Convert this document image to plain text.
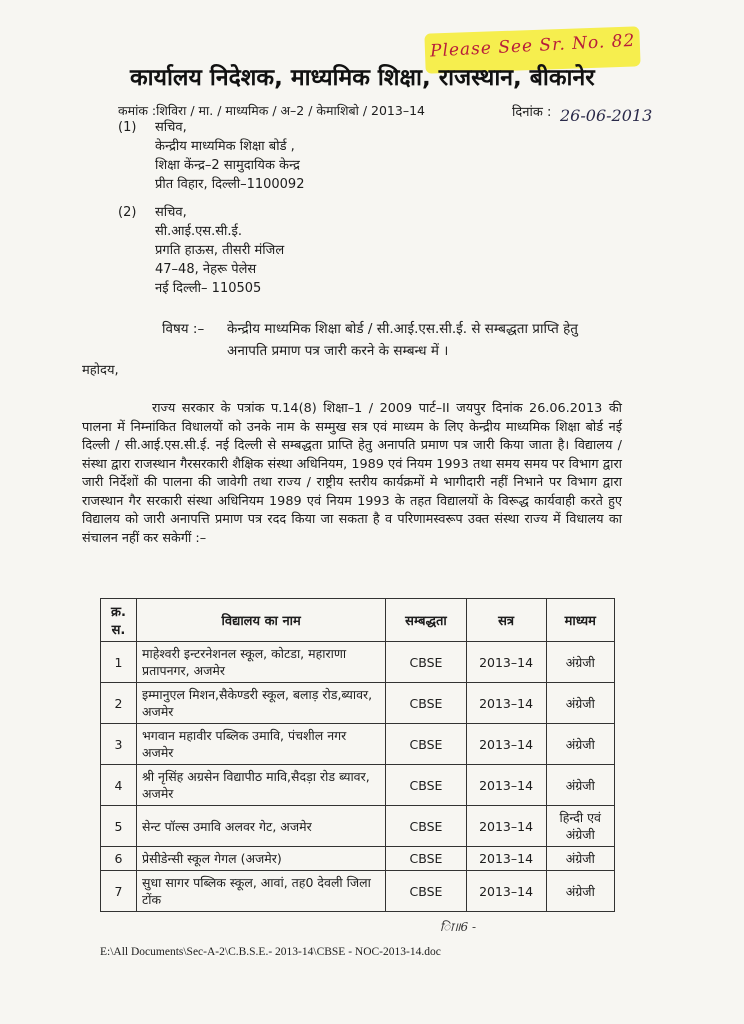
Please See Sr. No. 82
कार्यालय निदेशक, माध्यमिक शिक्षा, राजस्थान, बीकानेर
कमांक :शिविरा / मा. / माध्यमिक / अ–2 / केमाशिबो / 2013–14	दिनांक : 26-06-2013
(1) सचिव,
केन्द्रीय माध्यमिक शिक्षा बोर्ड ,
शिक्षा केंन्द्र–2 सामुदायिक केन्द्र
प्रीत विहार, दिल्ली–1100092
(2) सचिव,
सी.आई.एस.सी.ई.
प्रगति हाऊस, तीसरी मंजिल
47–48, नेहरू पेलेस
नई दिल्ली– 110505
विषय :– केन्द्रीय माध्यमिक शिक्षा बोर्ड / सी.आई.एस.सी.ई. से सम्बद्धता प्राप्ति हेतु अनापति प्रमाण पत्र जारी करने के सम्बन्ध में ।
महोदय,
राज्य सरकार के पत्रांक प.14(8) शिक्षा–1 / 2009 पार्ट–II जयपुर दिनांक 26.06.2013 की पालना में निम्नांकित विधालयों को उनके नाम के सम्मुख सत्र एवं माध्यम के लिए केन्द्रीय माध्यमिक शिक्षा बोर्ड नई दिल्ली / सी.आई.एस.सी.ई. नई दिल्ली से सम्बद्धता प्राप्ति हेतु अनापति प्रमाण पत्र जारी किया जाता है। विद्यालय / संस्था द्वारा राजस्थान गैरसरकारी शैक्षिक संस्था अधिनियम, 1989 एवं नियम 1993 तथा समय समय पर विभाग द्वारा जारी निर्देशों की पालना की जावेगी तथा राज्य / राष्ट्रीय स्तरीय कार्यक्रमों मे भागीदारी नहीं निभाने पर विभाग द्वारा राजस्थान गैर सरकारी संस्था अधिनियम 1989 एवं नियम 1993 के तहत विद्यालयों के विरूद्ध कार्यवाही करते हुए विद्यालय को जारी अनापत्ति प्रमाण पत्र रदद किया जा सकता है व परिणामस्वरूप उक्त संस्था राज्य में विधालय का संचालन नहीं कर सकेगीं :–
क्र. स.	विद्यालय का नाम	सम्बद्धता	सत्र	माध्यम
1	माहेश्वरी इन्टरनेशनल स्कूल, कोटडा, महाराणा प्रतापनगर, अजमेर	CBSE	2013–14	अंग्रेजी
2	इम्मानुएल मिशन,सैकेण्डरी स्कूल, बलाड़ रोड,ब्यावर, अजमेर	CBSE	2013–14	अंग्रेजी
3	भगवान महावीर पब्लिक उमावि, पंचशील नगर अजमेर	CBSE	2013–14	अंग्रेजी
4	श्री नृसिंह अग्रसेन विद्यापीठ मावि,सैदड़ा रोड ब्यावर, अजमेर	CBSE	2013–14	अंग्रेजी
5	सेन्ट पॉल्स उमावि अलवर गेट, अजमेर	CBSE	2013–14	हिन्दी एवं अंग्रेजी
6	प्रेसीडेन्सी स्कूल गेगल (अजमेर)	CBSE	2013–14	अंग्रेजी
7	सुधा सागर पब्लिक स्कूल, आवां, तह0 देवली जिला टोंक	CBSE	2013–14	अंग्रेजी
िा॥6 -
E:\All Documents\Sec-A-2\C.B.S.E.- 2013-14\CBSE - NOC-2013-14.doc
